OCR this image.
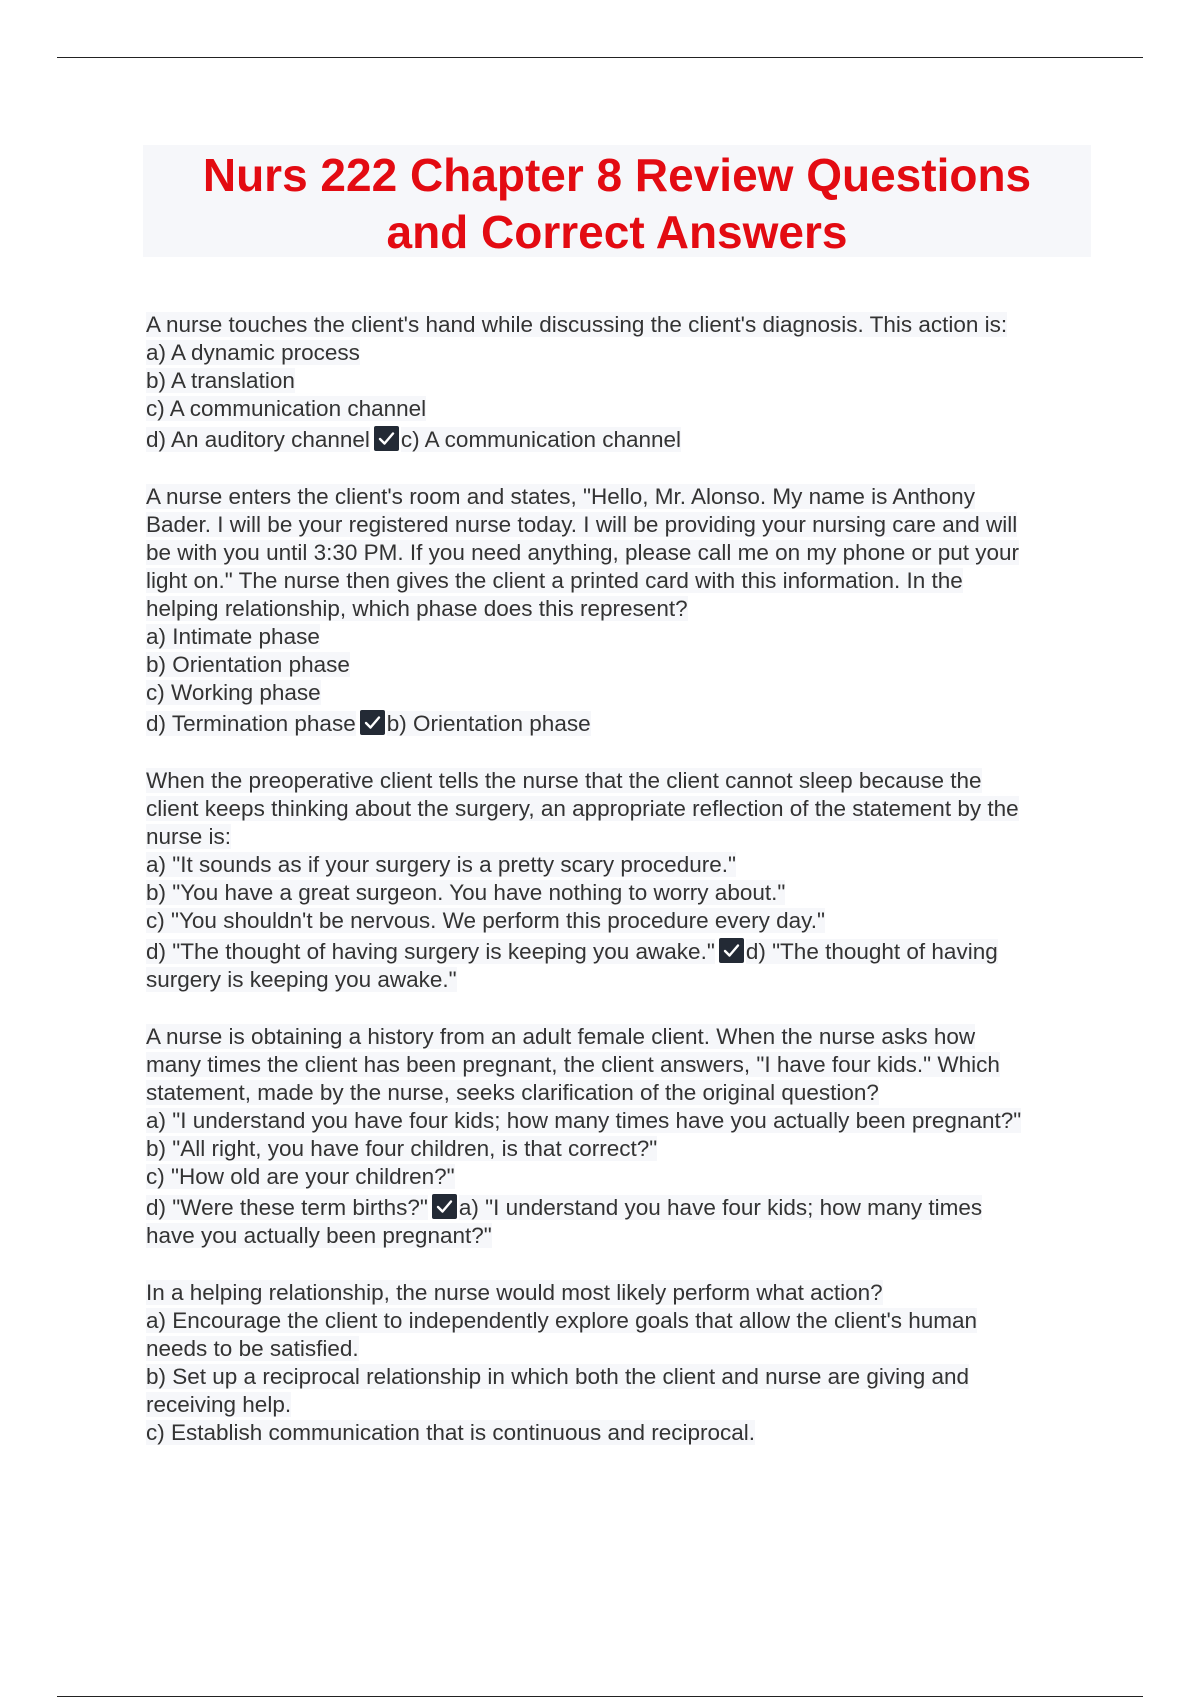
Nurs 222 Chapter 8 Review Questions
and Correct Answers
A nurse touches the client's hand while discussing the client's diagnosis. This action is:
a) A dynamic process
b) A translation
c) A communication channel
d) An auditory channel c) A communication channel
A nurse enters the client's room and states, "Hello, Mr. Alonso. My name is Anthony
Bader. I will be your registered nurse today. I will be providing your nursing care and will
be with you until 3:30 PM. If you need anything, please call me on my phone or put your
light on." The nurse then gives the client a printed card with this information. In the
helping relationship, which phase does this represent?
a) Intimate phase
b) Orientation phase
c) Working phase
d) Termination phase b) Orientation phase
When the preoperative client tells the nurse that the client cannot sleep because the
client keeps thinking about the surgery, an appropriate reflection of the statement by the
nurse is:
a) "It sounds as if your surgery is a pretty scary procedure."
b) "You have a great surgeon. You have nothing to worry about."
c) "You shouldn't be nervous. We perform this procedure every day."
d) "The thought of having surgery is keeping you awake." d) "The thought of having
surgery is keeping you awake."
A nurse is obtaining a history from an adult female client. When the nurse asks how
many times the client has been pregnant, the client answers, "I have four kids." Which
statement, made by the nurse, seeks clarification of the original question?
a) "I understand you have four kids; how many times have you actually been pregnant?"
b) "All right, you have four children, is that correct?"
c) "How old are your children?"
d) "Were these term births?" a) "I understand you have four kids; how many times
have you actually been pregnant?"
In a helping relationship, the nurse would most likely perform what action?
a) Encourage the client to independently explore goals that allow the client's human
needs to be satisfied.
b) Set up a reciprocal relationship in which both the client and nurse are giving and
receiving help.
c) Establish communication that is continuous and reciprocal.
